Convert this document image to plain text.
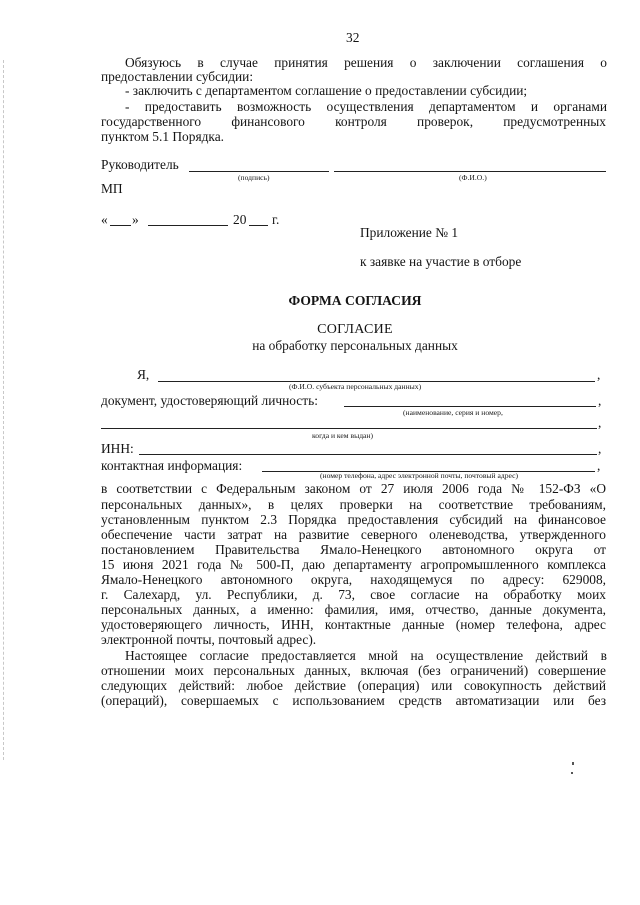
32
Обязуюсь в случае принятия решения о заключении соглашения о
предоставлении субсидии:
- заключить с департаментом соглашение о предоставлении субсидии;
- предоставить возможность осуществления департаментом и органами
государственного финансового контроля проверок, предусмотренных
пунктом 5.1 Порядка.
Руководитель
(подпись)	(Ф.И.О.)
МП
« »	20 г.
Приложение № 1
к заявке на участие в отборе
ФОРМА СОГЛАСИЯ
СОГЛАСИЕ
на обработку персональных данных
Я,	,
(Ф.И.О. субъекта персональных данных)
документ, удостоверяющий личность:	,
(наименование, серия и номер,
,
когда и кем выдан)
ИНН:	,
контактная информация:	,
(номер телефона, адрес электронной почты, почтовый адрес)
в соответствии с Федеральным законом от 27 июля 2006 года № 152-ФЗ «О
персональных данных», в целях проверки на соответствие требованиям,
установленным пунктом 2.3 Порядка предоставления субсидий на финансовое
обеспечение части затрат на развитие северного оленеводства, утвержденного
постановлением Правительства Ямало-Ненецкого автономного округа от
15 июня 2021 года № 500-П, даю департаменту агропромышленного комплекса
Ямало-Ненецкого автономного округа, находящемуся по адресу: 629008,
г. Салехард, ул. Республики, д. 73, свое согласие на обработку моих
персональных данных, а именно: фамилия, имя, отчество, данные документа,
удостоверяющего личность, ИНН, контактные данные (номер телефона, адрес
электронной почты, почтовый адрес).
Настоящее согласие предоставляется мной на осуществление действий в
отношении моих персональных данных, включая (без ограничений) совершение
следующих действий: любое действие (операция) или совокупность действий
(операций), совершаемых с использованием средств автоматизации или без
